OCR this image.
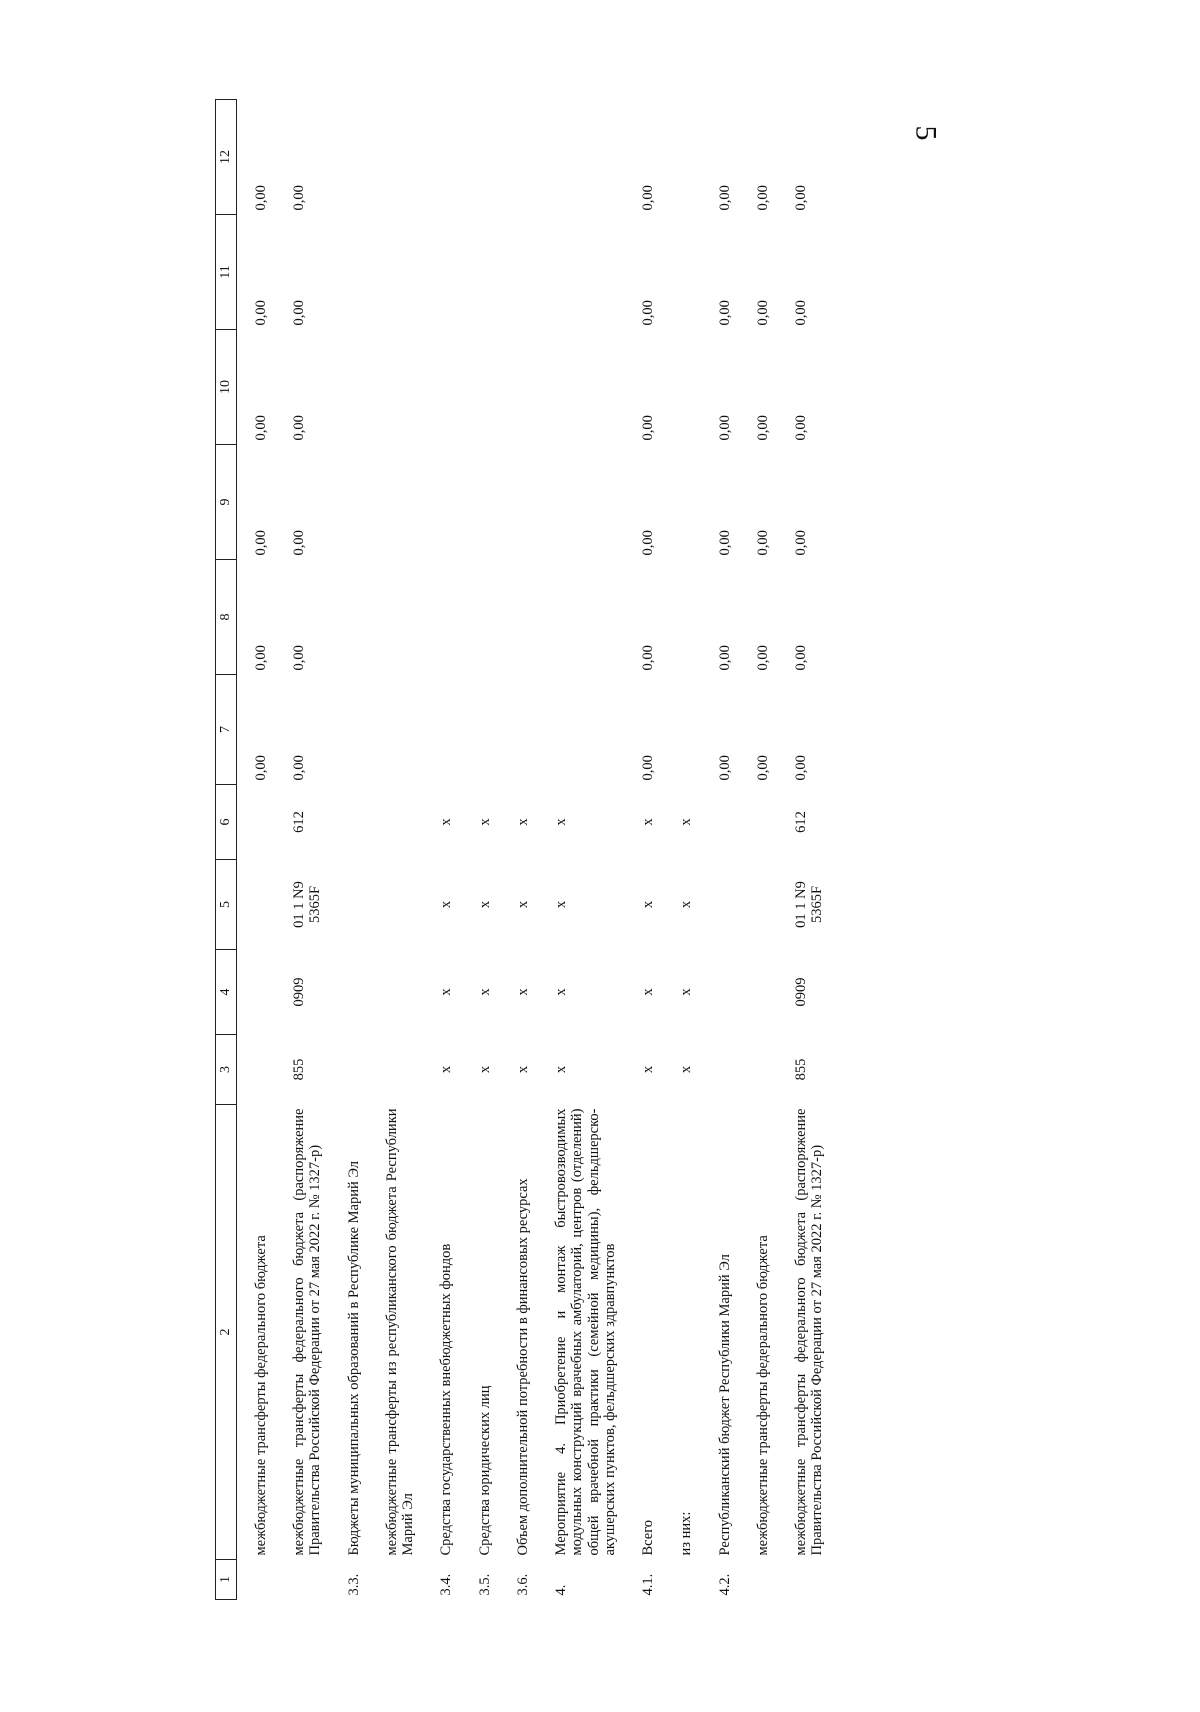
5
1	2	3	4	5	6	7	8	9	10	11	12
	межбюджетные трансферты федерального бюджета					0,00	0,00	0,00	0,00	0,00	0,00
	межбюджетные трансферты федерального бюджета (распоряжение Правительства Российской Федерации от 27 мая 2022 г. № 1327-р)	855	0909	01 1 N9 5365F	612	0,00	0,00	0,00	0,00	0,00	0,00
3.3.	Бюджеты муниципальных образований в Республике Марий Эл										
	межбюджетные трансферты из республиканского бюджета Республики Марий Эл										
3.4.	Средства государственных внебюджетных фондов	х	х	х	х						
3.5.	Средства юридических лиц	х	х	х	х						
3.6.	Объем дополнительной потребности в финансовых ресурсах	х	х	х	х						
4.	Мероприятие 4. Приобретение и монтаж быстровозводимых модульных конструкций врачебных амбулаторий, центров (отделений) общей врачебной практики (семейной медицины), фельдшерско-акушерских пунктов, фельдшерских здравпунктов	х	х	х	х						
4.1.	Всего	х	х	х	х	0,00	0,00	0,00	0,00	0,00	0,00
	из них:	х	х	х	х						
4.2.	Республиканский бюджет Республики Марий Эл					0,00	0,00	0,00	0,00	0,00	0,00
	межбюджетные трансферты федерального бюджета					0,00	0,00	0,00	0,00	0,00	0,00
	межбюджетные трансферты федерального бюджета (распоряжение Правительства Российской Федерации от 27 мая 2022 г. № 1327-р)	855	0909	01 1 N9 5365F	612	0,00	0,00	0,00	0,00	0,00	0,00
